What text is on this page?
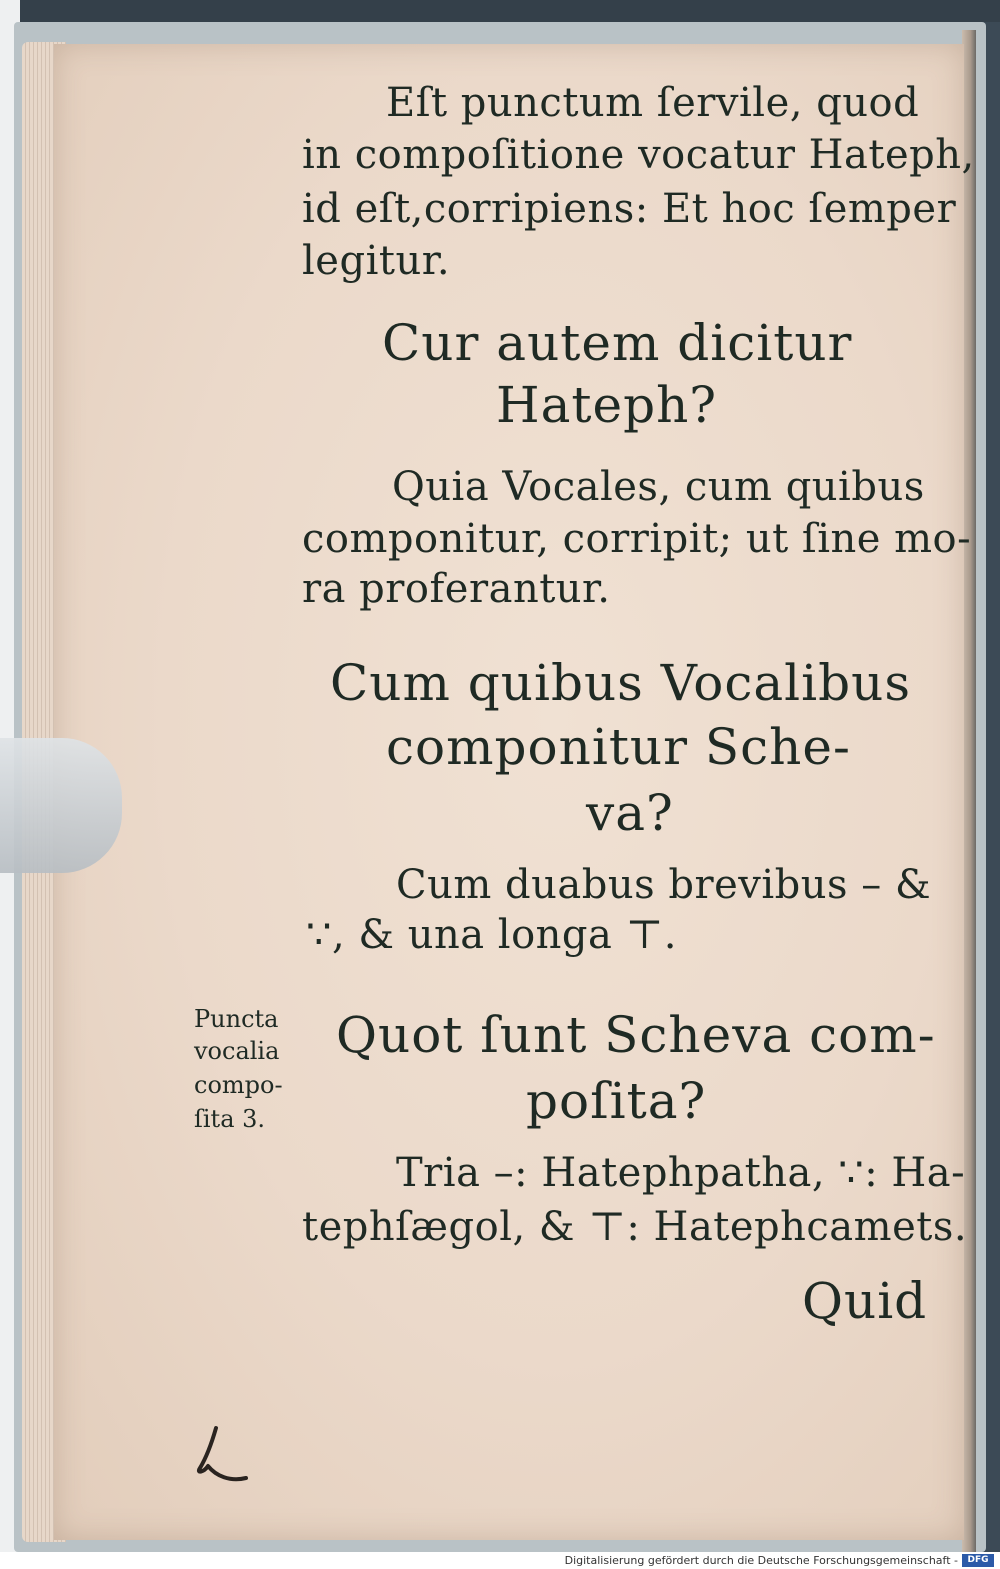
Eſt punctum ſervile, quod
in compoſitione vocatur Hateph,
id eſt,corripiens: Et hoc ſemper
legitur.
Cur autem dicitur
Hateph?
Quia Vocales, cum quibus
componitur, corripit; ut ſine mo-
ra proferantur.
Cum quibus Vocalibus
componitur Sche-
va?
Cum duabus brevibus – &
∵, & una longa ⊤.
Puncta
vocalia
compo-
ſita 3.
Quot ſunt Scheva com-
poſita?
Tria –: Hatephpatha, ∵: Ha-
tephſægol, & ⊤: Hatephcamets.
Quid
Digitalisierung gefördert durch die Deutsche Forschungsgemeinschaft -	DFG
